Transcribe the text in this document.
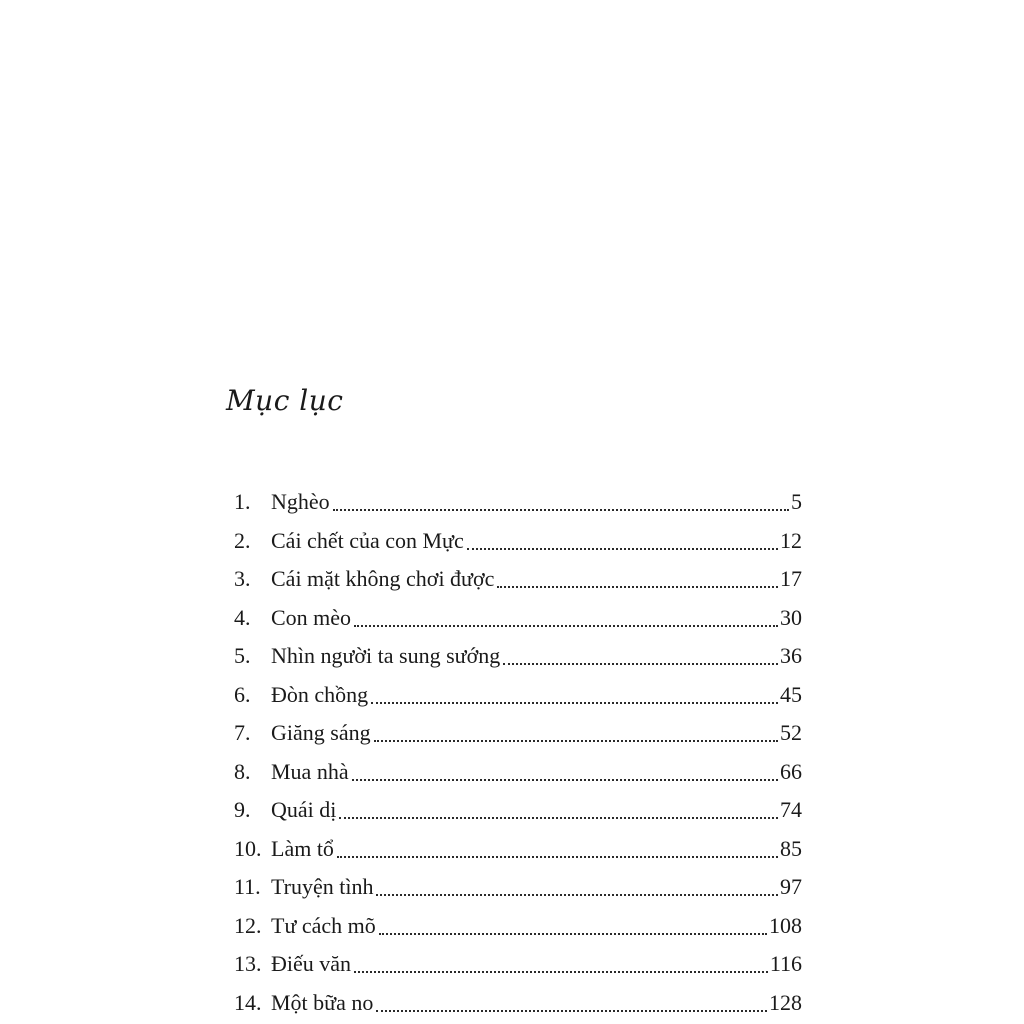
Mục lục
1. Nghèo	5
2. Cái chết của con Mực	12
3. Cái mặt không chơi được	17
4. Con mèo	30
5. Nhìn người ta sung sướng	36
6. Đòn chồng	45
7. Giăng sáng	52
8. Mua nhà	66
9. Quái dị	74
10. Làm tổ	85
11. Truyện tình	97
12. Tư cách mõ	108
13. Điếu văn	116
14. Một bữa no	128
